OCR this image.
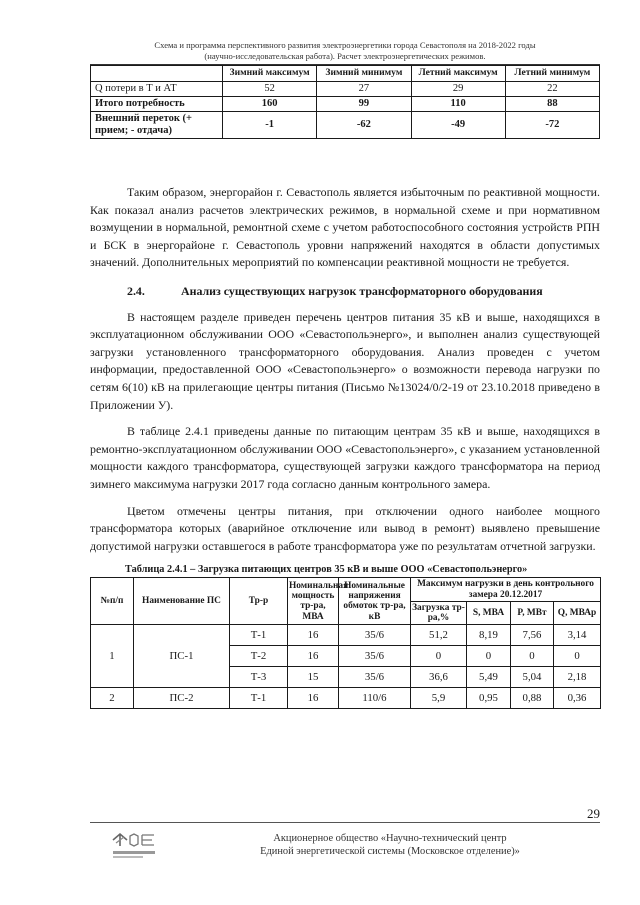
Схема и программа перспективного развития электроэнергетики города Севастополя на 2018-2022 годы
(научно-исследовательская работа). Расчет электроэнергетических режимов.
	Зимний максимум	Зимний минимум	Летний максимум	Летний минимум
Q потери в Т и АТ	52	27	29	22
Итого потребность	160	99	110	88
Внешний переток (+ прием; - отдача)	-1	-62	-49	-72

Таким образом, энергорайон г. Севастополь является избыточным по реактивной мощности. Как показал анализ расчетов электрических режимов, в нормальной схеме и при нормативном возмущении в нормальной, ремонтной схеме с учетом работоспособного состояния устройств РПН и БСК в энергорайоне г. Севастополь уровни напряжений находятся в области допустимых значений. Дополнительных мероприятий по компенсации реактивной мощности не требуется.

2.4.	Анализ существующих нагрузок трансформаторного оборудования

В настоящем разделе приведен перечень центров питания 35 кВ и выше, находящихся в эксплуатационном обслуживании ООО «Севастопольэнерго», и выполнен анализ существующей загрузки установленного трансформаторного оборудования. Анализ проведен с учетом информации, предоставленной ООО «Севастопольэнерго» о возможности перевода нагрузки по сетям 6(10) кВ на прилегающие центры питания (Письмо №13024/0/2-19 от 23.10.2018 приведено в Приложении У).

В таблице 2.4.1 приведены данные по питающим центрам 35 кВ и выше, находящихся в ремонтно-эксплуатационном обслуживании ООО «Севастопольэнерго», с указанием установленной мощности каждого трансформатора, существующей загрузки каждого трансформатора на период зимнего максимума нагрузки 2017 года согласно данным контрольного замера.

Цветом отмечены центры питания, при отключении одного наиболее мощного трансформатора которых (аварийное отключение или вывод в ремонт) выявлено превышение допустимой нагрузки оставшегося в работе трансформатора уже по результатам отчетной загрузки.

Таблица 2.4.1 – Загрузка питающих центров 35 кВ и выше ООО «Севастопольэнерго»
№п/п	Наименование ПС	Тр-р	Номинальная мощность тр-ра, МВА	Номинальные напряжения обмоток тр-ра, кВ	Максимум нагрузки в день контрольного замера 20.12.2017			
					Загрузка тр-ра,%	S, МВА	P, МВт	Q, МВАр
1	ПС-1	Т-1	16	35/6	51,2	8,19	7,56	3,14
		Т-2	16	35/6	0	0	0	0
		Т-3	15	35/6	36,6	5,49	5,04	2,18
2	ПС-2	Т-1	16	110/6	5,9	0,95	0,88	0,36
29
Акционерное общество «Научно-технический центр
Единой энергетической системы (Московское отделение)»
